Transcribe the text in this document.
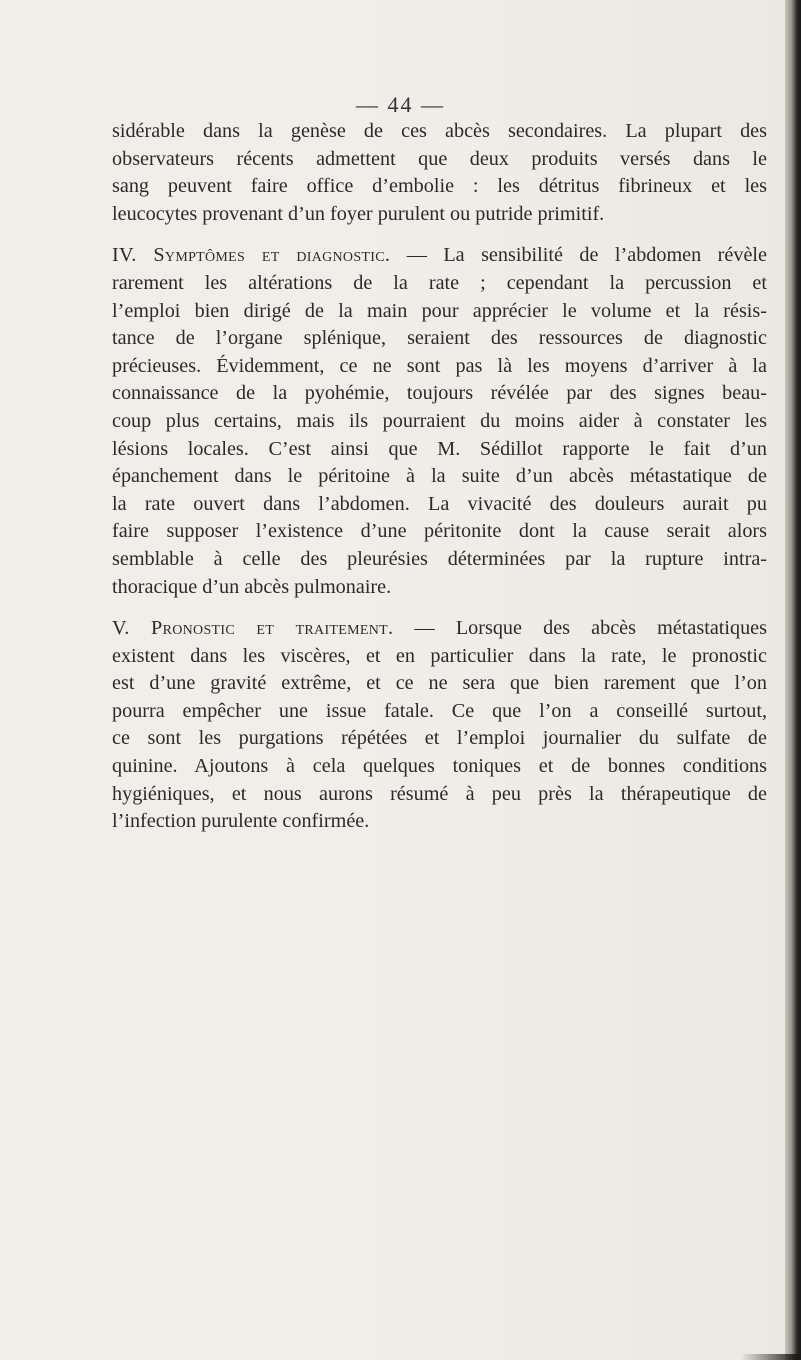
— 44 —

sidérable dans la genèse de ces abcès secondaires. La plupart des
observateurs récents admettent que deux produits versés dans le
sang peuvent faire office d’embolie : les détritus fibrineux et les
leucocytes provenant d’un foyer purulent ou putride primitif.

IV. Symptômes et diagnostic. — La sensibilité de l’abdomen révèle
rarement les altérations de la rate ; cependant la percussion et
l’emploi bien dirigé de la main pour apprécier le volume et la résis-
tance de l’organe splénique, seraient des ressources de diagnostic
précieuses. Évidemment, ce ne sont pas là les moyens d’arriver à la
connaissance de la pyohémie, toujours révélée par des signes beau-
coup plus certains, mais ils pourraient du moins aider à constater les
lésions locales. C’est ainsi que M. Sédillot rapporte le fait d’un
épanchement dans le péritoine à la suite d’un abcès métastatique de
la rate ouvert dans l’abdomen. La vivacité des douleurs aurait pu
faire supposer l’existence d’une péritonite dont la cause serait alors
semblable à celle des pleurésies déterminées par la rupture intra-
thoracique d’un abcès pulmonaire.

V. Pronostic et traitement. — Lorsque des abcès métastatiques
existent dans les viscères, et en particulier dans la rate, le pronostic
est d’une gravité extrême, et ce ne sera que bien rarement que l’on
pourra empêcher une issue fatale. Ce que l’on a conseillé surtout,
ce sont les purgations répétées et l’emploi journalier du sulfate de
quinine. Ajoutons à cela quelques toniques et de bonnes conditions
hygiéniques, et nous aurons résumé à peu près la thérapeutique de
l’infection purulente confirmée.
